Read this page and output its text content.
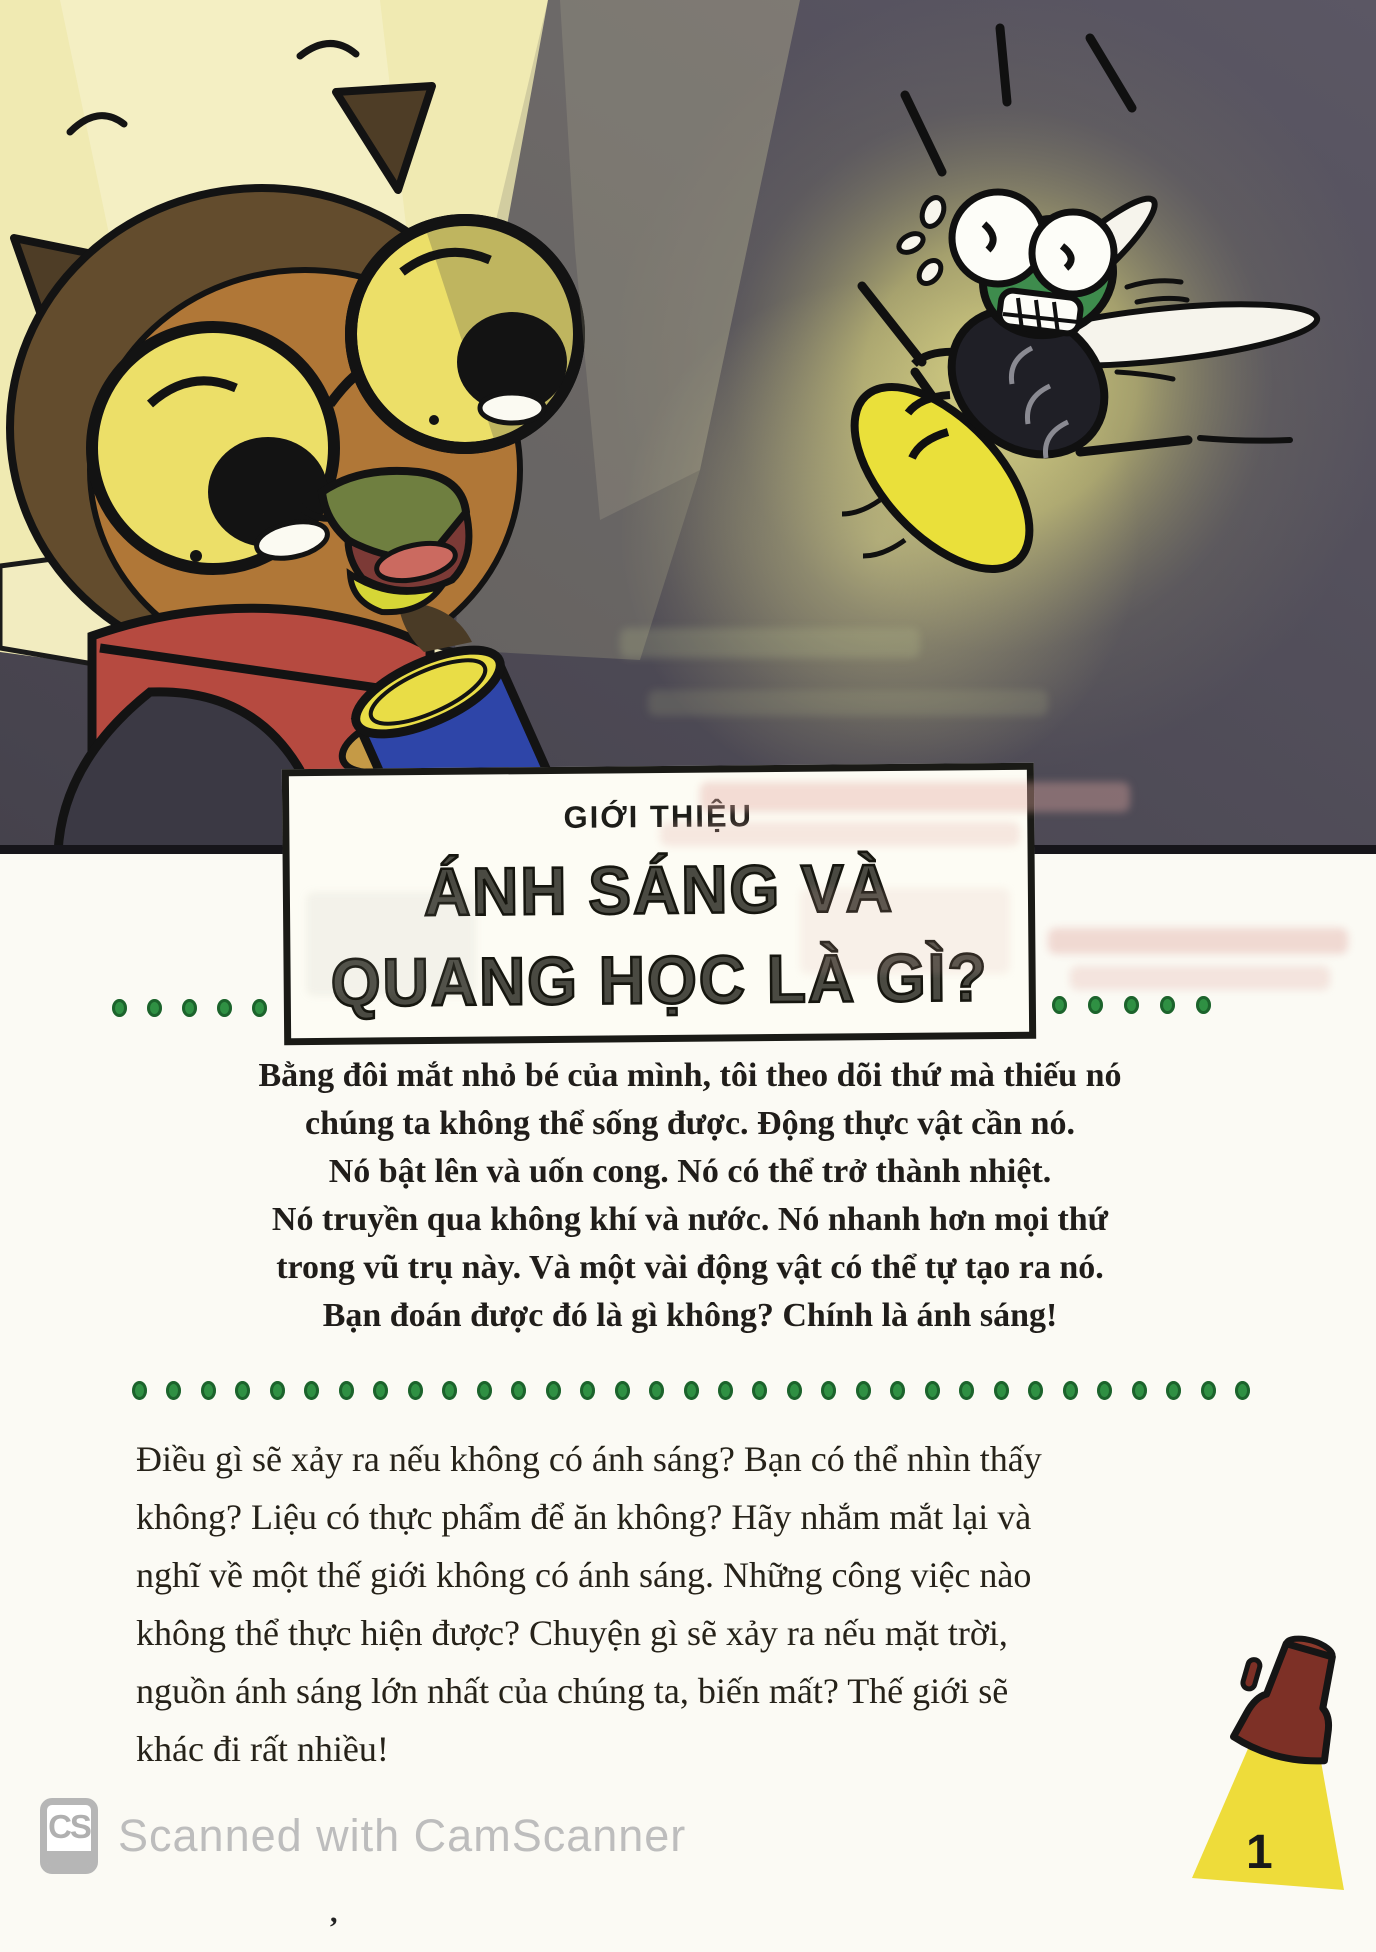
GIỚI THIỆU
ÁNH SÁNG VÀ
QUANG HỌC LÀ GÌ?
Bằng đôi mắt nhỏ bé của mình, tôi theo dõi thứ mà thiếu nó
chúng ta không thể sống được. Động thực vật cần nó.
Nó bật lên và uốn cong. Nó có thể trở thành nhiệt.
Nó truyền qua không khí và nước. Nó nhanh hơn mọi thứ
trong vũ trụ này. Và một vài động vật có thể tự tạo ra nó.
Bạn đoán được đó là gì không? Chính là ánh sáng!
Điều gì sẽ xảy ra nếu không có ánh sáng? Bạn có thể nhìn thấy
không? Liệu có thực phẩm để ăn không? Hãy nhắm mắt lại và
nghĩ về một thế giới không có ánh sáng. Những công việc nào
không thể thực hiện được? Chuyện gì sẽ xảy ra nếu mặt trời,
nguồn ánh sáng lớn nhất của chúng ta, biến mất? Thế giới sẽ
khác đi rất nhiều!
1
CS Scanned with CamScanner
,
